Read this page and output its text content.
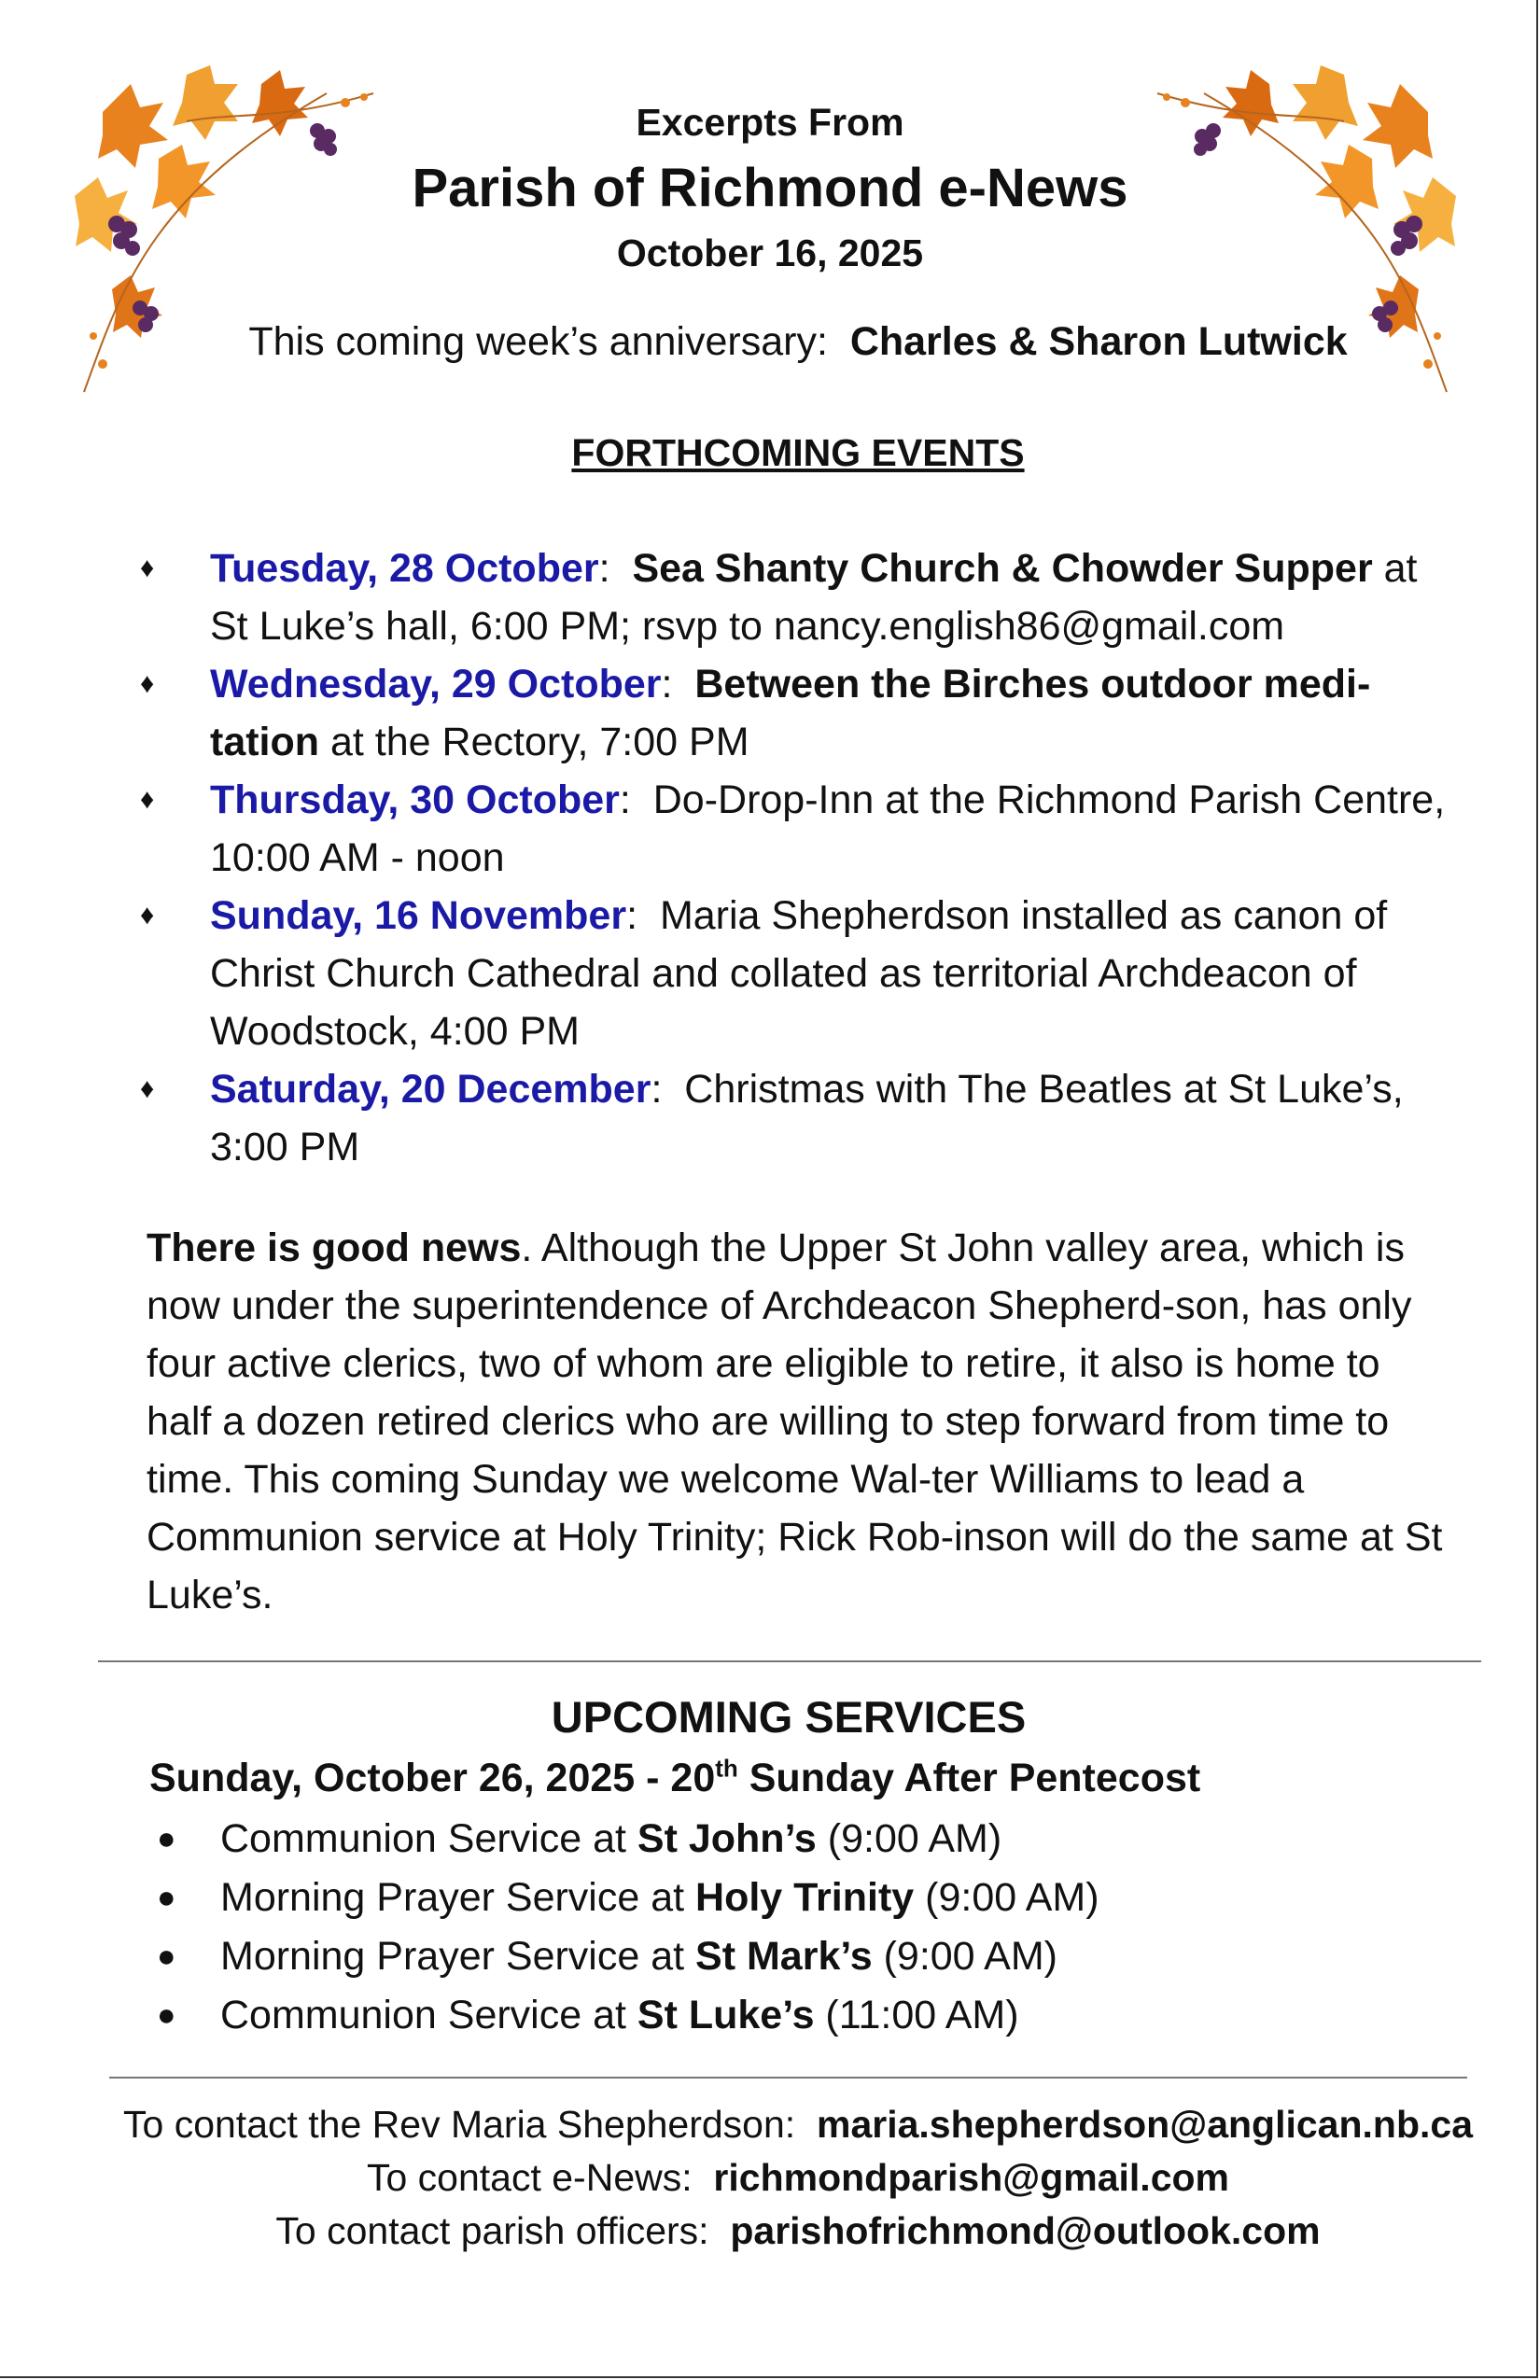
Excerpts From
Parish of Richmond e-News
October 16, 2025
This coming week’s anniversary: Charles & Sharon Lutwick
FORTHCOMING EVENTS
♦ Tuesday, 28 October:  Sea Shanty Church & Chowder Supper at St Luke’s hall, 6:00 PM; rsvp to nancy.english86@gmail.com
♦ Wednesday, 29 October:  Between the Birches outdoor medi-tation at the Rectory, 7:00 PM
♦ Thursday, 30 October:  Do-Drop-Inn at the Richmond Parish Centre, 10:00 AM - noon
♦ Sunday, 16 November:  Maria Shepherdson installed as canon of Christ Church Cathedral and collated as territorial Archdeacon of Woodstock, 4:00 PM
♦ Saturday, 20 December:  Christmas with The Beatles at St Luke’s, 3:00 PM

There is good news. Although the Upper St John valley area, which is now under the superintendence of Archdeacon Shepherd-son, has only four active clerics, two of whom are eligible to retire, it also is home to half a dozen retired clerics who are willing to step forward from time to time. This coming Sunday we welcome Wal-ter Williams to lead a Communion service at Holy Trinity; Rick Rob-inson will do the same at St Luke’s.

UPCOMING SERVICES
Sunday, October 26, 2025 - 20th Sunday After Pentecost
● Communion Service at St John’s (9:00 AM)
● Morning Prayer Service at Holy Trinity (9:00 AM)
● Morning Prayer Service at St Mark’s (9:00 AM)
● Communion Service at St Luke’s (11:00 AM)
To contact the Rev Maria Shepherdson: maria.shepherdson@anglican.nb.ca
To contact e-News: richmondparish@gmail.com
To contact parish officers: parishofrichmond@outlook.com
